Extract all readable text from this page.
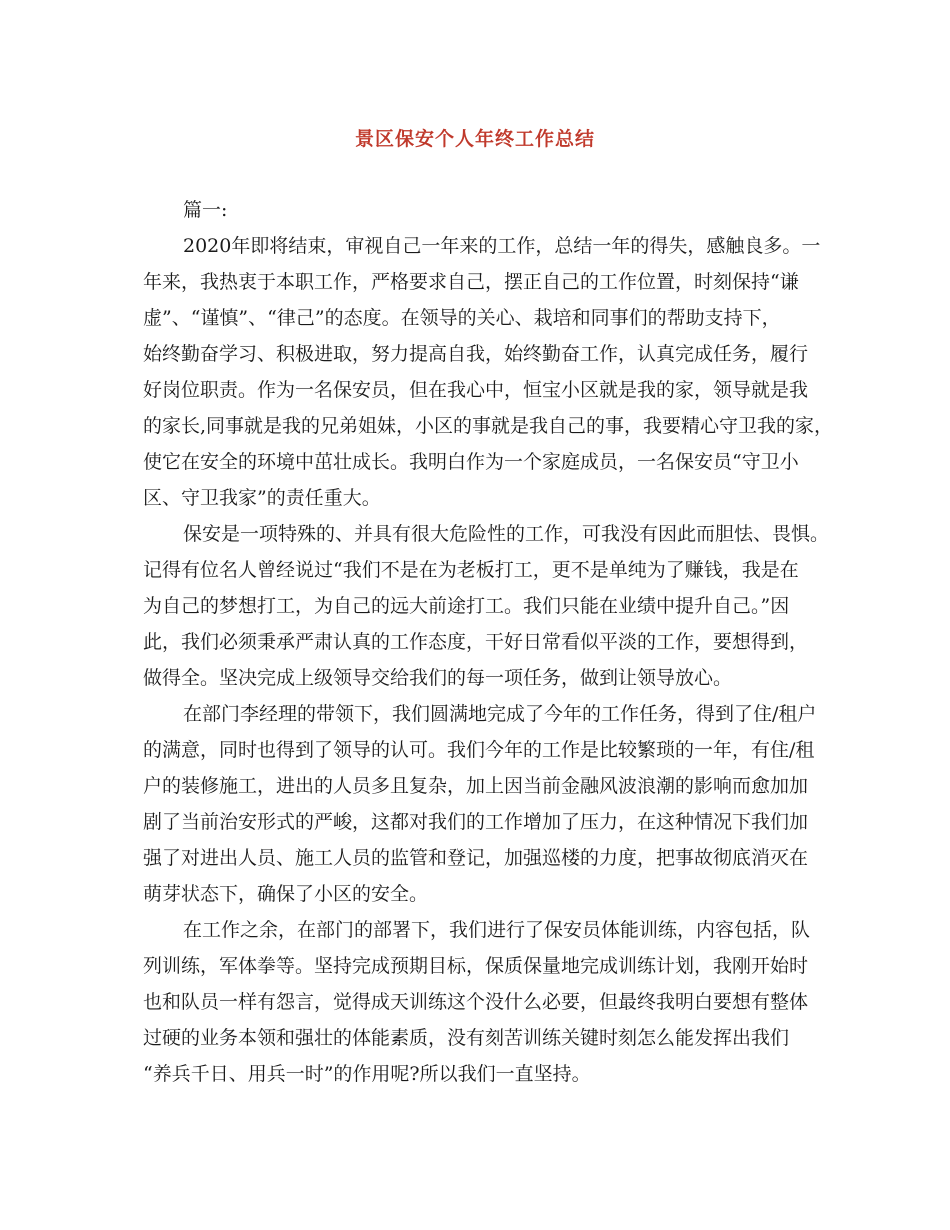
景区保安个人年终工作总结

篇一:

2020年即将结束，审视自己一年来的工作，总结一年的得失，感触良多。一

年来，我热衷于本职工作，严格要求自己，摆正自己的工作位置，时刻保持“谦

虚”、“谨慎”、“律己”的态度。在领导的关心、栽培和同事们的帮助支持下，

始终勤奋学习、积极进取，努力提高自我，始终勤奋工作，认真完成任务，履行

好岗位职责。作为一名保安员，但在我心中，恒宝小区就是我的家，领导就是我

的家长,同事就是我的兄弟姐妹，小区的事就是我自己的事，我要精心守卫我的家，

使它在安全的环境中茁壮成长。我明白作为一个家庭成员，一名保安员“守卫小

区、守卫我家”的责任重大。

保安是一项特殊的、并具有很大危险性的工作，可我没有因此而胆怯、畏惧。

记得有位名人曾经说过“我们不是在为老板打工，更不是单纯为了赚钱，我是在

为自己的梦想打工，为自己的远大前途打工。我们只能在业绩中提升自己。”因

此，我们必须秉承严肃认真的工作态度，干好日常看似平淡的工作，要想得到，

做得全。坚决完成上级领导交给我们的每一项任务，做到让领导放心。

在部门李经理的带领下，我们圆满地完成了今年的工作任务，得到了住/租户

的满意，同时也得到了领导的认可。我们今年的工作是比较繁琐的一年，有住/租

户的装修施工，进出的人员多且复杂，加上因当前金融风波浪潮的影响而愈加加

剧了当前治安形式的严峻，这都对我们的工作增加了压力，在这种情况下我们加

强了对进出人员、施工人员的监管和登记，加强巡楼的力度，把事故彻底消灭在

萌芽状态下，确保了小区的安全。

在工作之余，在部门的部署下，我们进行了保安员体能训练，内容包括，队

列训练，军体拳等。坚持完成预期目标，保质保量地完成训练计划，我刚开始时

也和队员一样有怨言，觉得成天训练这个没什么必要，但最终我明白要想有整体

过硬的业务本领和强壮的体能素质，没有刻苦训练关键时刻怎么能发挥出我们

“养兵千日、用兵一时”的作用呢?所以我们一直坚持。
